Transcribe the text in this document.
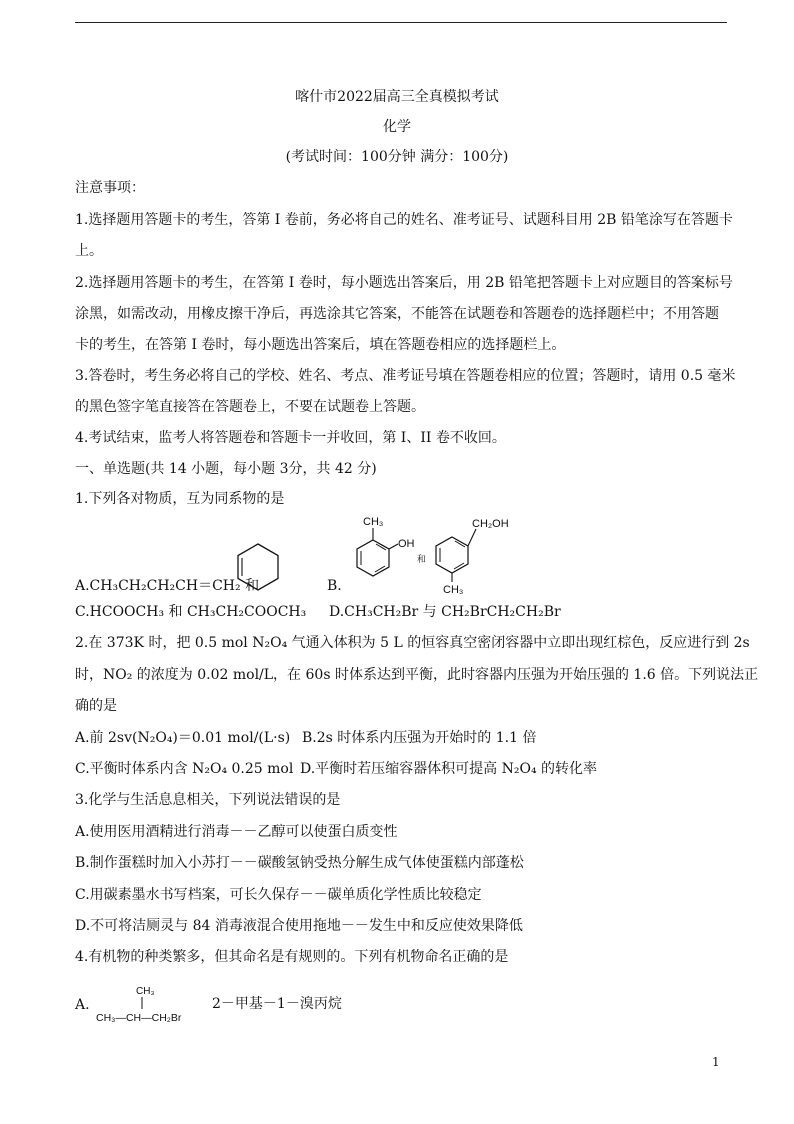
喀什市2022届高三全真模拟考试
化学
(考试时间：100分钟 满分：100分)
注意事项：
1.选择题用答题卡的考生，答第 I 卷前，务必将自己的姓名、准考证号、试题科目用 2B 铅笔涂写在答题卡
上。
2.选择题用答题卡的考生，在答第 I 卷时，每小题选出答案后，用 2B 铅笔把答题卡上对应题目的答案标号
涂黑，如需改动，用橡皮擦干净后，再选涂其它答案，不能答在试题卷和答题卷的选择题栏中；不用答题
卡的考生，在答第 I 卷时，每小题选出答案后，填在答题卷相应的选择题栏上。
3.答卷时，考生务必将自己的学校、姓名、考点、准考证号填在答题卷相应的位置；答题时，请用 0.5 毫米
的黑色签字笔直接答在答题卷上，不要在试题卷上答题。
4.考试结束，监考人将答题卷和答题卡一并收回，第 I、II 卷不收回。
一、单选题(共 14 小题，每小题 3分，共 42 分)
1.下列各对物质，互为同系物的是
A.CH₃CH₂CH₂CH＝CH₂ 和	B.
CH₃
OH
和
CH₂OH
CH₃
C.HCOOCH₃ 和 CH₃CH₂COOCH₃ D.CH₃CH₂Br 与 CH₂BrCH₂CH₂Br
2.在 373K 时，把 0.5 mol N₂O₄ 气通入体积为 5 L 的恒容真空密闭容器中立即出现红棕色，反应进行到 2s
时，NO₂ 的浓度为 0.02 mol/L，在 60s 时体系达到平衡，此时容器内压强为开始压强的 1.6 倍。下列说法正
确的是
A.前 2sv(N₂O₄)＝0.01 mol/(L·s) B.2s 时体系内压强为开始时的 1.1 倍
C.平衡时体系内含 N₂O₄ 0.25 mol D.平衡时若压缩容器体积可提高 N₂O₄ 的转化率
3.化学与生活息息相关，下列说法错误的是
A.使用医用酒精进行消毒－－乙醇可以使蛋白质变性
B.制作蛋糕时加入小苏打－－碳酸氢钠受热分解生成气体使蛋糕内部蓬松
C.用碳素墨水书写档案，可长久保存－－碳单质化学性质比较稳定
D.不可将洁厕灵与 84 消毒液混合使用拖地－－发生中和反应使效果降低
4.有机物的种类繁多，但其命名是有规则的。下列有机物命名正确的是
A.
CH₃
CH₃—CH—CH₂Br
2－甲基－1－溴丙烷
1
